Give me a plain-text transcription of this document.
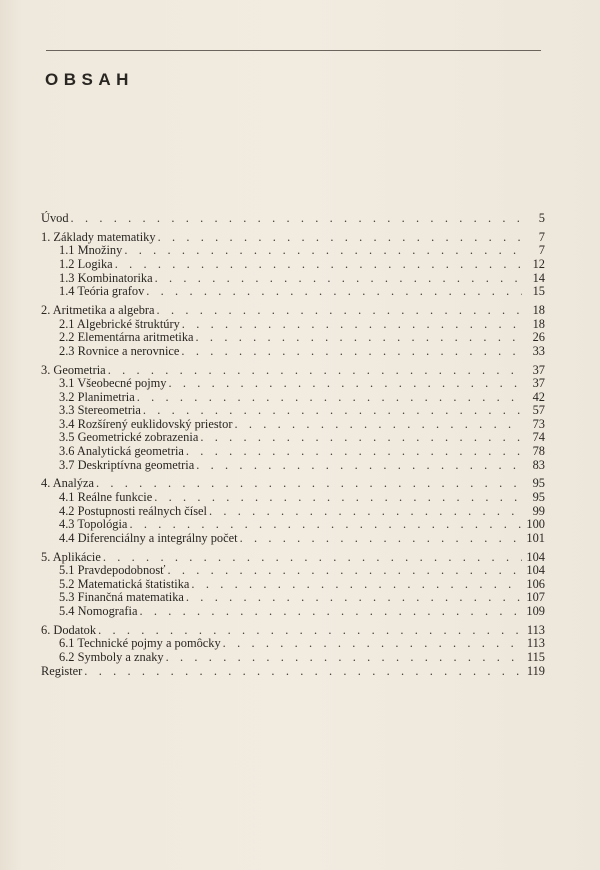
OBSAH
Úvod . . .	5
1. Základy matematiky . . .	7
1.1 Množiny . . .	7
1.2 Logika . . .	12
1.3 Kombinatorika . . .	14
1.4 Teória grafov . . .	15
2. Aritmetika a algebra . . .	18
2.1 Algebrické štruktúry . . .	18
2.2 Elementárna aritmetika . . .	26
2.3 Rovnice a nerovnice . . .	33
3. Geometria . . .	37
3.1 Všeobecné pojmy . . .	37
3.2 Planimetria . . .	42
3.3 Stereometria . . .	57
3.4 Rozšírený euklidovský priestor . . .	73
3.5 Geometrické zobrazenia . . .	74
3.6 Analytická geometria . . .	78
3.7 Deskriptívna geometria . . .	83
4. Analýza . . .	95
4.1 Reálne funkcie . . .	95
4.2 Postupnosti reálnych čísel . . .	99
4.3 Topológia . . .	100
4.4 Diferenciálny a integrálny počet . . .	101
5. Aplikácie . . .	104
5.1 Pravdepodobnosť . . .	104
5.2 Matematická štatistika . . .	106
5.3 Finančná matematika . . .	107
5.4 Nomografia . . .	109
6. Dodatok . . .	113
6.1 Technické pojmy a pomôcky . . .	113
6.2 Symboly a znaky . . .	115
Register . . .	119
